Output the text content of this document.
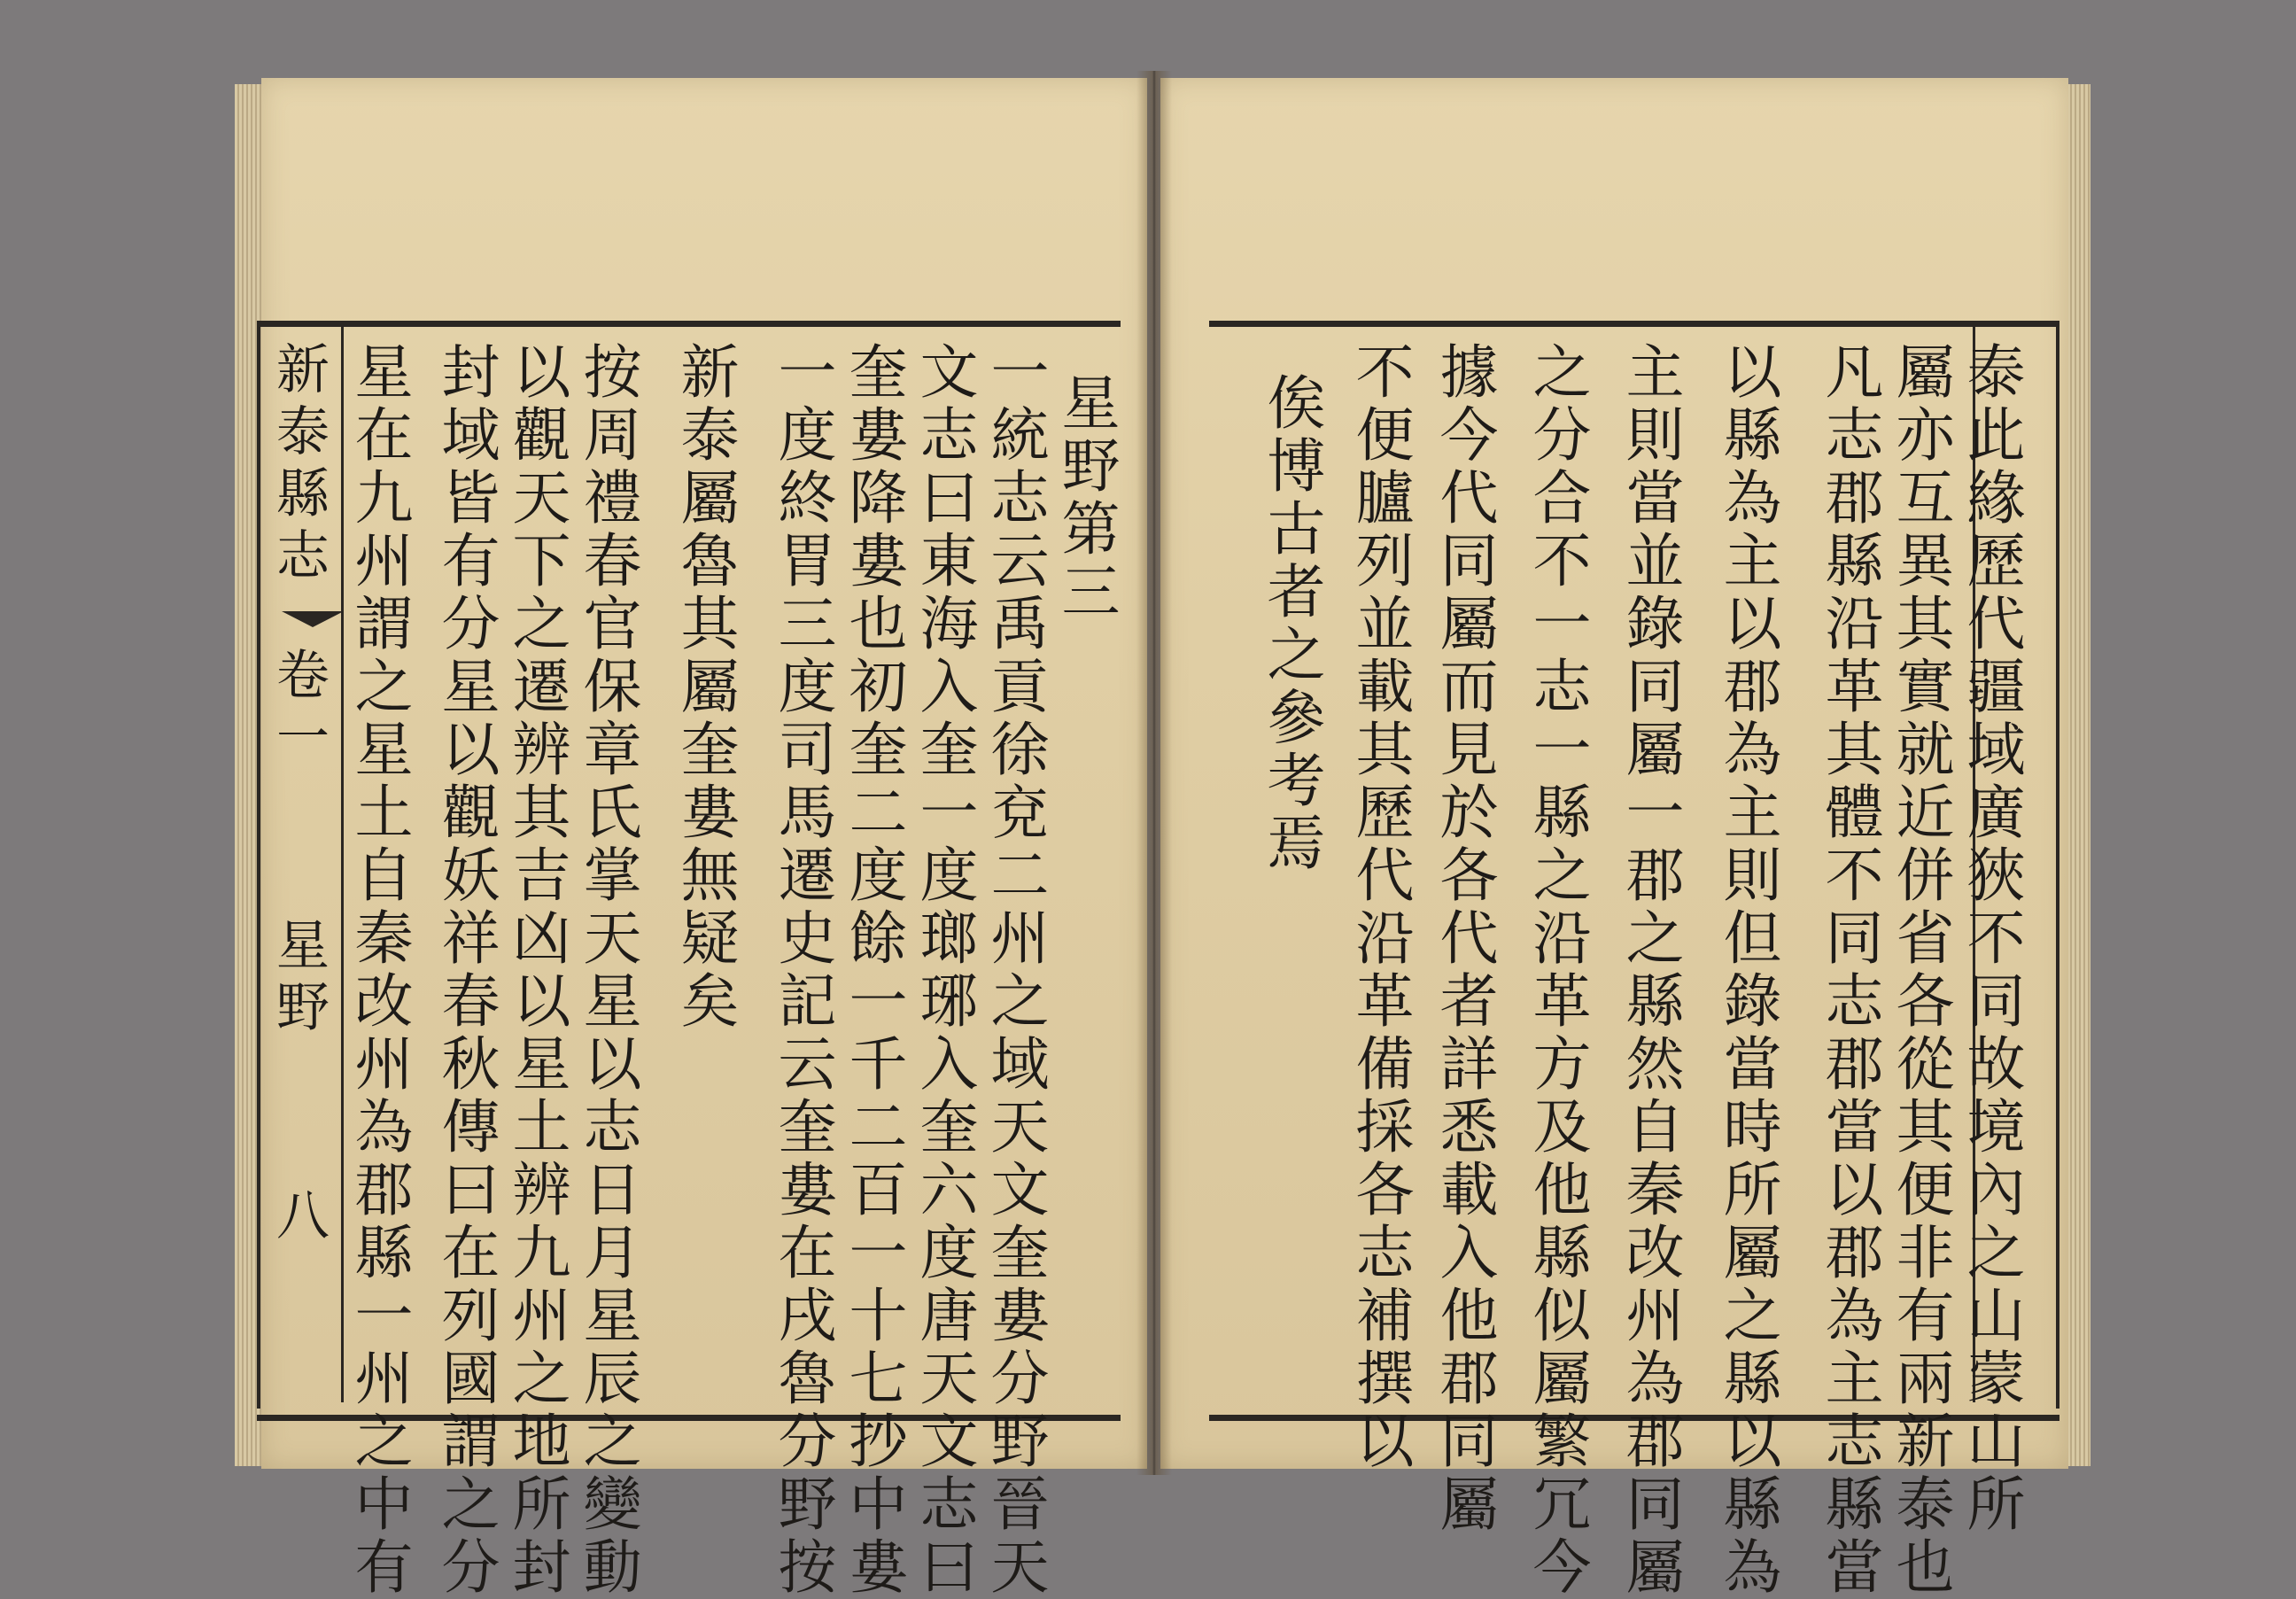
新泰縣志
卷一
星野
八
星野第三
一統志云禹貢徐兗二州之域天文奎婁分野晉天
文志曰東海入奎一度瑯琊入奎六度唐天文志曰
奎婁降婁也初奎二度餘一千二百一十七抄中婁
一度終胃三度司馬遷史記云奎婁在戌魯分野按
新泰屬魯其屬奎婁無疑矣
按周禮春官保章氏掌天星以志日月星辰之變動
以觀天下之遷辨其吉凶以星土辨九州之地所封
封域皆有分星以觀妖祥春秋傳曰在列國謂之分
星在九州謂之星土自秦改州為郡縣一州之中有	泰此緣歷代疆域廣狹不同故境內之山蒙山所
屬亦互異其實就近併省各從其便非有兩新泰也
凡志郡縣沿革其體不同志郡當以郡為主志縣當
以縣為主以郡為主則但錄當時所屬之縣以縣為
主則當並錄同屬一郡之縣然自秦改州為郡同屬
之分合不一志一縣之沿革方及他縣似屬繁冗今
據今代同屬而見於各代者詳悉載入他郡同屬
不便臚列並載其歷代沿革備採各志補撰以
俟博古者之參考焉
